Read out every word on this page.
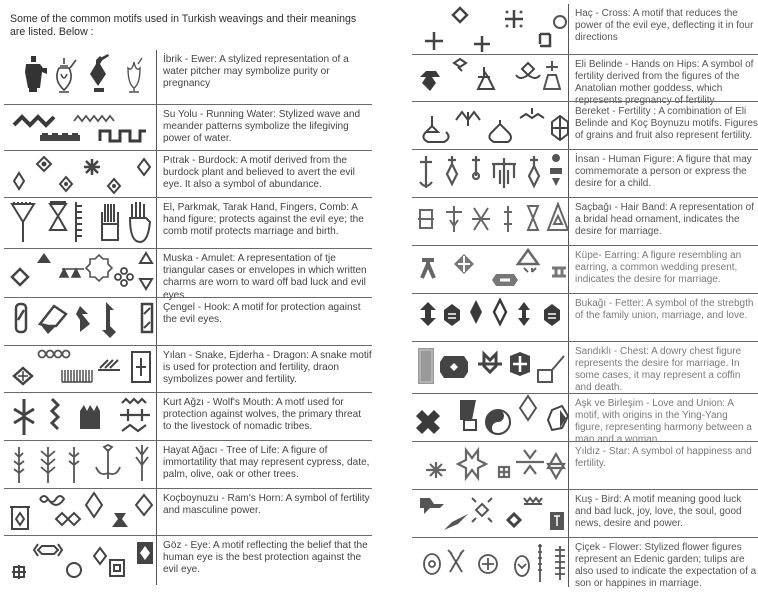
Some of the common motifs used in Turkish weavings and their meanings are listed. Below :
İbrik - Ewer: A stylized representation of a water pitcher may symbolize purity or pregnancy
Su Yolu - Running Water: Stylized wave and meander patterns symbolize the lifegiving power of water.
Pıtrak - Burdock: A motif derived from the burdock plant and believed to avert the evil eye. It also a symbol of abundance.
El, Parkmak, Tarak Hand, Fingers, Comb: A hand figure; protects against the evil eye; the comb motif protects marriage and birth.
Muska - Amulet: A representation of tje triangular cases or envelopes in which written charms are worn to ward off bad luck and evil eyes.
Çengel - Hook: A motif for protection against the evil eyes.
Yılan - Snake, Ejderha - Dragon: A snake motif is used for protection and fertility, draon symbolizes power and fertility.
Kurt Ağzı - Wolf's Mouth: A motf used for protection against wolves, the primary threat to the livestock of nomadic tribes.
Hayat Ağacı - Tree of Life: A figure of immortatility that may represent cypress, date, palm, olive, oak or other trees.
Koçboynuzu - Ram's Horn: A symbol of fertility and masculine power.
Göz - Eye: A motif reflecting the belief that the human eye is the best protection against the evil eye.
Haç - Cross: A motif that reduces the power of the evil eye, deflecting it in four directions
Eli Belinde - Hands on Hips: A symbol of fertility derived from the figures of the Anatolian mother goddess, which represents pregnancy of fertility
Bereket - Fertility : A combination of Eli Belinde and Koç Boynuzu motifs. Figures of grains and fruit also represent fertility.
İnsan - Human Figure: A figure that may commemorate a person or express the desire for a child.
Saçbağı - Hair Band: A representation of a bridal head ornament, indicates the desire for marriage.
Küpe- Earring: A figure resembling an earring, a common wedding present, indicates the desire for marriage.
Bukağı - Fetter: A symbol of the strebgth of the family union, marriage, and love.
Sandıklı - Chest: A dowry chest figure represents the desire for marriage. In some cases, it may represent a coffin and death.
Aşk ve Birleşim - Love and Union: A motif, with origins in the Ying-Yang figure, representing harmony between a man and a woman.
Yıldız - Star: A symbol of happiness and fertility.
Kuş - Bird: A motif meaning good luck and bad luck, joy, love, the soul, good news, desire and power.
Çiçek - Flower: Stylized flower figures represent an Edenic garden; tulips are also used to indicate the expectation of a son or happines in marriage.
